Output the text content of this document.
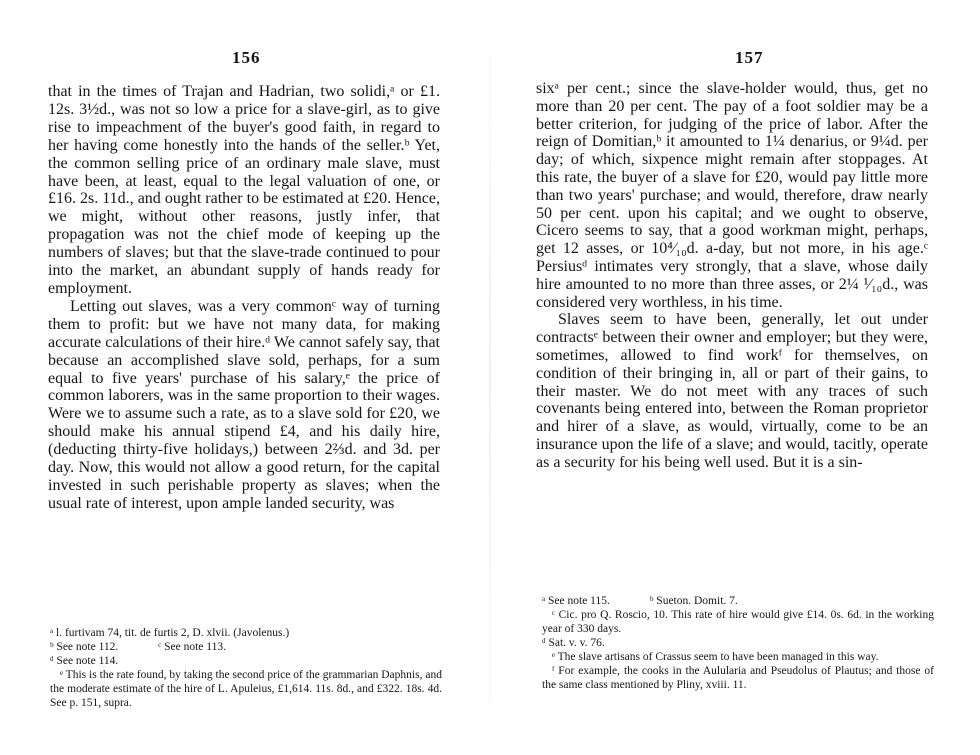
156

that in the times of Trajan and Hadrian, two solidi,ᵃ or £1. 12s. 3½d., was not so low a price for a slave-girl, as to give rise to impeachment of the buyer's good faith, in regard to her having come honestly into the hands of the seller.ᵇ Yet, the common selling price of an ordinary male slave, must have been, at least, equal to the legal valuation of one, or £16. 2s. 11d., and ought rather to be estimated at £20. Hence, we might, without other reasons, justly infer, that propagation was not the chief mode of keeping up the numbers of slaves; but that the slave-trade continued to pour into the market, an abundant supply of hands ready for employment.

Letting out slaves, was a very commonᶜ way of turning them to profit: but we have not many data, for making accurate calculations of their hire.ᵈ We cannot safely say, that because an accomplished slave sold, perhaps, for a sum equal to five years' purchase of his salary,ᵉ the price of common laborers, was in the same proportion to their wages. Were we to assume such a rate, as to a slave sold for £20, we should make his annual stipend £4, and his daily hire, (deducting thirty-five holidays,) between 2⅔d. and 3d. per day. Now, this would not allow a good return, for the capital invested in such perishable property as slaves; when the usual rate of interest, upon ample landed security, was

ᵃ l. furtivam 74, tit. de furtis 2, D. xlvii. (Javolenus.)
ᵇ See note 112.	ᶜ See note 113.
ᵈ See note 114.
ᵉ This is the rate found, by taking the second price of the grammarian Daphnis, and the moderate estimate of the hire of L. Apuleius, £1,614. 11s. 8d., and £322. 18s. 4d. See p. 151, supra.
157

sixᵃ per cent.; since the slave-holder would, thus, get no more than 20 per cent. The pay of a foot soldier may be a better criterion, for judging of the price of labor. After the reign of Domitian,ᵇ it amounted to 1¼ denarius, or 9¼d. per day; of which, sixpence might remain after stoppages. At this rate, the buyer of a slave for £20, would pay little more than two years' purchase; and would, therefore, draw nearly 50 per cent. upon his capital; and we ought to observe, Cicero seems to say, that a good workman might, perhaps, get 12 asses, or 10⁴⁄₁₀d. a-day, but not more, in his age.ᶜ Persiusᵈ intimates very strongly, that a slave, whose daily hire amounted to no more than three asses, or 2¼ ¹⁄₁₀d., was considered very worthless, in his time.

Slaves seem to have been, generally, let out under contractsᵉ between their owner and employer; but they were, sometimes, allowed to find workᶠ for themselves, on condition of their bringing in, all or part of their gains, to their master. We do not meet with any traces of such covenants being entered into, between the Roman proprietor and hirer of a slave, as would, virtually, come to be an insurance upon the life of a slave; and would, tacitly, operate as a security for his being well used. But it is a sin-

ᵃ See note 115.	ᵇ Sueton. Domit. 7.
ᶜ Cic. pro Q. Roscio, 10. This rate of hire would give £14. 0s. 6d. in the working year of 330 days.
ᵈ Sat. v. v. 76.
ᵉ The slave artisans of Crassus seem to have been managed in this way.
ᶠ For example, the cooks in the Aulularia and Pseudolus of Plautus; and those of the same class mentioned by Pliny, xviii. 11.
